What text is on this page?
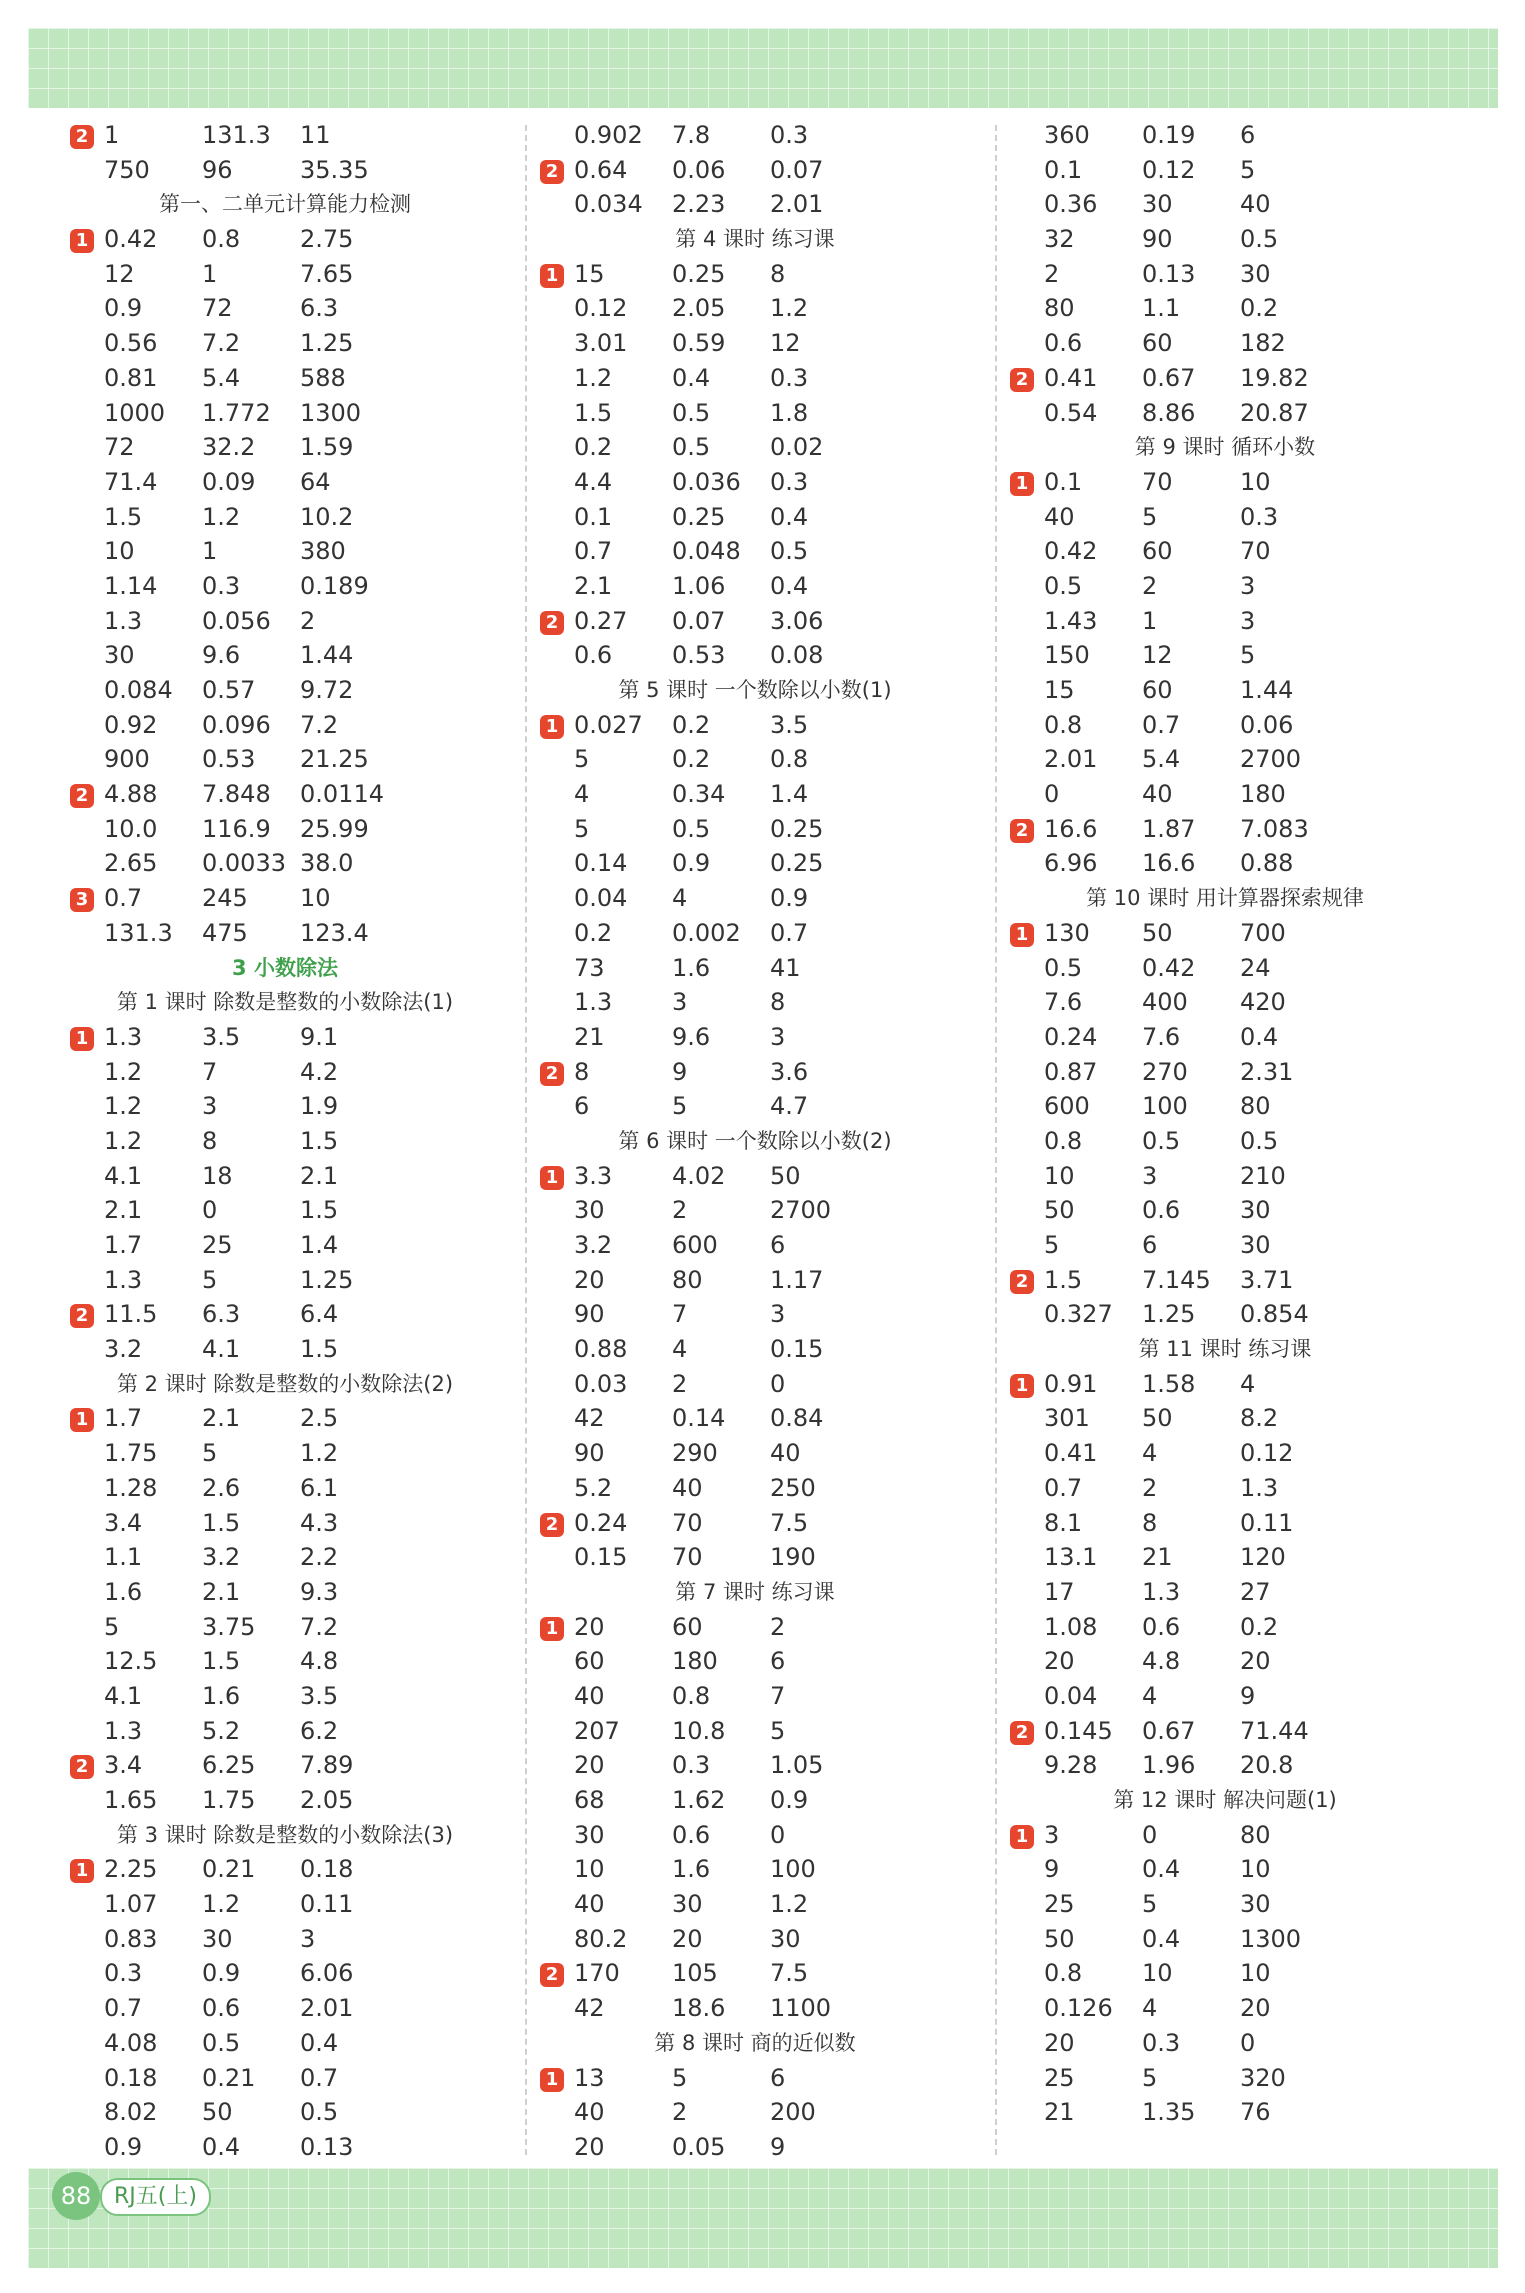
2 1	131.3 11
750 96	35.35
第一、二单元计算能力检测
1 0.42 0.8 2.75
12	1	7.65
0.9 72	6.3
0.56 7.2 1.25
0.81 5.4 588
1000 1.772 1300
72	32.2 1.59
71.4 0.09 64
1.5 1.2 10.2
10	1	380
1.14 0.3 0.189
1.3 0.056 2
30	9.6 1.44
0.084 0.57 9.72
0.92 0.096 7.2
900 0.53 21.25
2 4.88 7.848 0.0114
10.0 116.9 25.99
2.65 0.0033 38.0
3 0.7 245 10
131.3 475 123.4
3 小数除法
第 1 课时 除数是整数的小数除法(1)
1 1.3 3.5 9.1
1.2 7	4.2
1.2 3	1.9
1.2 8	1.5
4.1 18	2.1
2.1 0	1.5
1.7 25	1.4
1.3 5	1.25
2 11.5 6.3 6.4
3.2 4.1 1.5
第 2 课时 除数是整数的小数除法(2)
1 1.7 2.1 2.5
1.75 5	1.2
1.28 2.6 6.1
3.4 1.5 4.3
1.1 3.2 2.2
1.6 2.1 9.3
5	3.75 7.2
12.5 1.5 4.8
4.1 1.6 3.5
1.3 5.2 6.2
2 3.4 6.25 7.89
1.65 1.75 2.05
第 3 课时 除数是整数的小数除法(3)
1 2.25 0.21 0.18
1.07 1.2 0.11
0.83 30	3
0.3 0.9 6.06
0.7 0.6 2.01
4.08 0.5 0.4
0.18 0.21 0.7
8.02 50	0.5
0.9 0.4 0.13
0.902 7.8 0.3
2 0.64 0.06 0.07
0.034 2.23 2.01
第 4 课时 练习课
1 15	0.25 8
0.12 2.05 1.2
3.01 0.59 12
1.2 0.4 0.3
1.5 0.5 1.8
0.2 0.5 0.02
4.4 0.036 0.3
0.1 0.25 0.4
0.7 0.048 0.5
2.1 1.06 0.4
2 0.27 0.07 3.06
0.6 0.53 0.08
第 5 课时 一个数除以小数(1)
1 0.027 0.2 3.5
5	0.2 0.8
4	0.34 1.4
5	0.5 0.25
0.14 0.9 0.25
0.04 4	0.9
0.2 0.002 0.7
73	1.6 41
1.3 3	8
21	9.6 3
2 8	9	3.6
6	5	4.7
第 6 课时 一个数除以小数(2)
1 3.3 4.02 50
30	2	2700
3.2 600 6
20	80	1.17
90	7	3
0.88 4	0.15
0.03 2	0
42	0.14 0.84
90	290 40
5.2 40	250
2 0.24 70	7.5
0.15 70	190
第 7 课时 练习课
1 20	60	2
60	180 6
40	0.8 7
207 10.8 5
20	0.3 1.05
68	1.62 0.9
30	0.6 0
10	1.6 100
40	30	1.2
80.2 20	30
2 170 105 7.5
42	18.6 1100
第 8 课时 商的近似数
1 13	5	6
40	2	200
20	0.05 9
360 0.19 6
0.1 0.12 5
0.36 30	40
32	90	0.5
2	0.13 30
80	1.1 0.2
0.6 60	182
2 0.41 0.67 19.82
0.54 8.86 20.87
第 9 课时 循环小数
1 0.1 70	10
40	5	0.3
0.42 60	70
0.5 2	3
1.43 1	3
150 12	5
15	60	1.44
0.8 0.7 0.06
2.01 5.4 2700
0	40	180
2 16.6 1.87 7.083
6.96 16.6 0.88
第 10 课时 用计算器探索规律
1 130 50	700
0.5 0.42 24
7.6 400 420
0.24 7.6 0.4
0.87 270 2.31
600 100 80
0.8 0.5 0.5
10	3	210
50	0.6 30
5	6	30
2 1.5 7.145 3.71
0.327 1.25 0.854
第 11 课时 练习课
1 0.91 1.58 4
301 50	8.2
0.41 4	0.12
0.7 2	1.3
8.1 8	0.11
13.1 21	120
17	1.3 27
1.08 0.6 0.2
20	4.8 20
0.04 4	9
2 0.145 0.67 71.44
9.28 1.96 20.8
第 12 课时 解决问题(1)
1 3	0	80
9	0.4 10
25	5	30
50	0.4 1300
0.8 10	10
0.126 4	20
20	0.3 0
25	5	320
21	1.35 76
88	RJ五(上)
